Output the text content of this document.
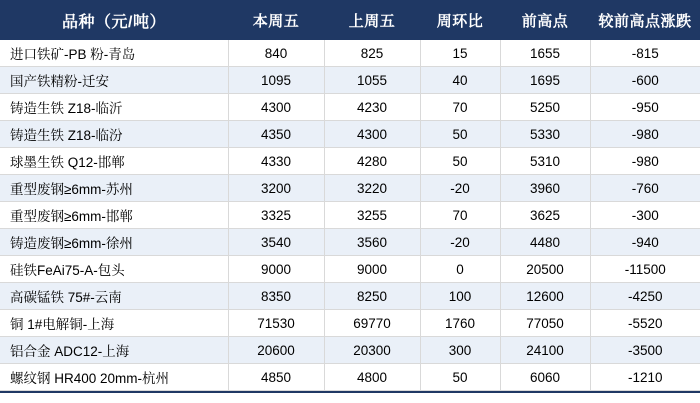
品种（元/吨）	本周五	上周五	周环比	前高点	较前高点涨跌
进口铁矿-PB 粉-青岛	840	825	15	1655	-815
国产铁精粉-迁安	1095	1055	40	1695	-600
铸造生铁 Z18-临沂	4300	4230	70	5250	-950
铸造生铁 Z18-临汾	4350	4300	50	5330	-980
球墨生铁 Q12-邯郸	4330	4280	50	5310	-980
重型废钢≥6mm-苏州	3200	3220	-20	3960	-760
重型废钢≥6mm-邯郸	3325	3255	70	3625	-300
铸造废钢≥6mm-徐州	3540	3560	-20	4480	-940
硅铁FeAi75-A-包头	9000	9000	0	20500	-11500
高碳锰铁 75#-云南	8350	8250	100	12600	-4250
铜 1#电解铜-上海	71530	69770	1760	77050	-5520
铝合金 ADC12-上海	20600	20300	300	24100	-3500
螺纹钢 HR400 20mm-杭州	4850	4800	50	6060	-1210
